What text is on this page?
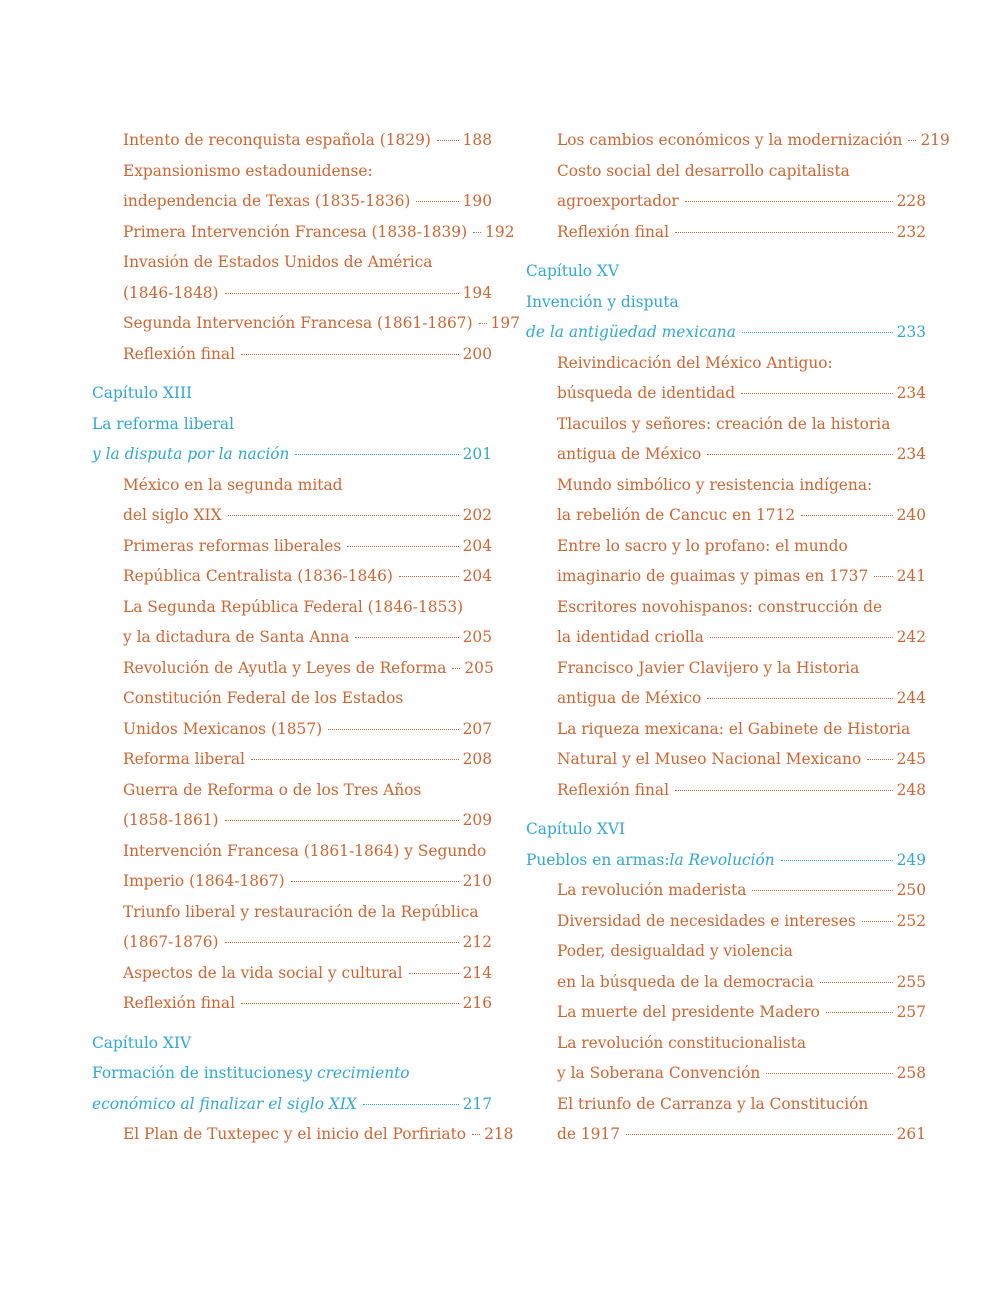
Intento de reconquista española (1829) 188
Expansionismo estadounidense:
independencia de Texas (1835-1836)	190
Primera Intervención Francesa (1838-1839) 192
Invasión de Estados Unidos de América
(1846-1848)	194
Segunda Intervención Francesa (1861-1867) 197
Reflexión final	200
Capítulo XIII
La reforma liberal
y la disputa por la nación	201
México en la segunda mitad
del siglo XIX	202
Primeras reformas liberales	204
República Centralista (1836-1846)	204
La Segunda República Federal (1846-1853)
y la dictadura de Santa Anna	205
Revolución de Ayutla y Leyes de Reforma 205
Constitución Federal de los Estados
Unidos Mexicanos (1857)	207
Reforma liberal	208
Guerra de Reforma o de los Tres Años
(1858-1861)	209
Intervención Francesa (1861-1864) y Segundo
Imperio (1864-1867)	210
Triunfo liberal y restauración de la República
(1867-1876)	212
Aspectos de la vida social y cultural	214
Reflexión final	216
Capítulo XIV
Formación de instituciones y crecimiento
económico al finalizar el siglo XIX	217
El Plan de Tuxtepec y el inicio del Porfiriato 218
Los cambios económicos y la modernización 219
Costo social del desarrollo capitalista
agroexportador	228
Reflexión final	232
Capítulo XV
Invención y disputa
de la antigüedad mexicana	233
Reivindicación del México Antiguo:
búsqueda de identidad	234
Tlacuilos y señores: creación de la historia
antigua de México	234
Mundo simbólico y resistencia indígena:
la rebelión de Cancuc en 1712	240
Entre lo sacro y lo profano: el mundo
imaginario de guaimas y pimas en 1737 241
Escritores novohispanos: construcción de
la identidad criolla	242
Francisco Javier Clavijero y la Historia
antigua de México	244
La riqueza mexicana: el Gabinete de Historia
Natural y el Museo Nacional Mexicano 245
Reflexión final	248
Capítulo XVI
Pueblos en armas: la Revolución	249
La revolución maderista	250
Diversidad de necesidades e intereses	252
Poder, desigualdad y violencia
en la búsqueda de la democracia	255
La muerte del presidente Madero	257
La revolución constitucionalista
y la Soberana Convención	258
El triunfo de Carranza y la Constitución
de 1917	261
